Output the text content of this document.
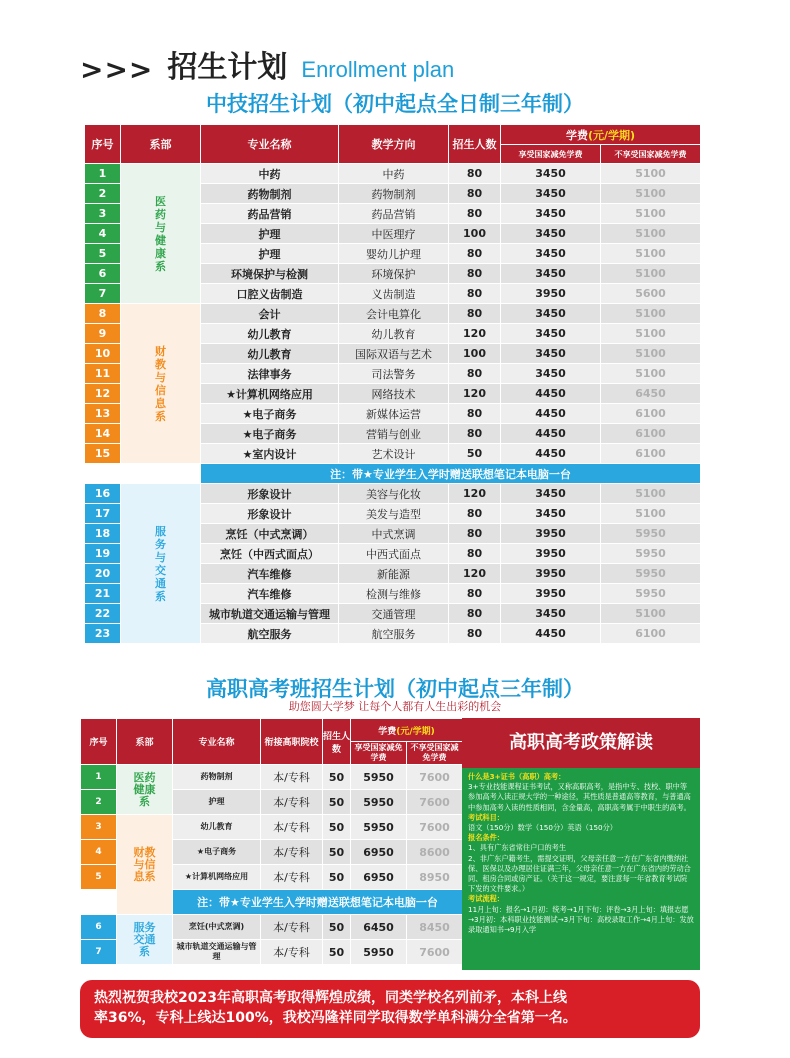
>>> 招生计划 Enrollment plan
中技招生计划（初中起点全日制三年制）
序号	系部	专业名称	教学方向	招生人数	学费(元/学期)	
					享受国家减免学费	不享受国家减免学费
1	医药与健康系	中药	中药	80	3450	5100
2		药物制剂	药物制剂	80	3450	5100
3		药品营销	药品营销	80	3450	5100
4		护理	中医理疗	100	3450	5100
5		护理	婴幼儿护理	80	3450	5100
6		环境保护与检测	环境保护	80	3450	5100
7		口腔义齿制造	义齿制造	80	3950	5600
8	财教与信息系	会计	会计电算化	80	3450	5100
9		幼儿教育	幼儿教育	120	3450	5100
10		幼儿教育	国际双语与艺术	100	3450	5100
11		法律事务	司法警务	80	3450	5100
12		★计算机网络应用	网络技术	120	4450	6450
13		★电子商务	新媒体运营	80	4450	6100
14		★电子商务	营销与创业	80	4450	6100
15		★室内设计	艺术设计	50	4450	6100
		注：带★专业学生入学时赠送联想笔记本电脑一台				
16	服务与交通系	形象设计	美容与化妆	120	3450	5100
17		形象设计	美发与造型	80	3450	5100
18		烹饪（中式烹调）	中式烹调	80	3950	5950
19		烹饪（中西式面点）	中西式面点	80	3950	5950
20		汽车维修	新能源	120	3950	5950
21		汽车维修	检测与维修	80	3950	5950
22		城市轨道交通运输与管理	交通管理	80	3450	5100
23		航空服务	航空服务	80	4450	6100
高职高考班招生计划（初中起点三年制）
助您圆大学梦 让每个人都有人生出彩的机会
序号	系部	专业名称	衔接高职院校	招生人数	学费(元/学期)	
					享受国家减免学费	不享受国家减免学费
1	医药健康系	药物制剂	本/专科	50	5950	7600
2		护理	本/专科	50	5950	7600
3	财教与信息系	幼儿教育	本/专科	50	5950	7600
4		★电子商务	本/专科	50	6950	8600
5		★计算机网络应用	本/专科	50	6950	8950
		注：带★专业学生入学时赠送联想笔记本电脑一台				
6	服务交通系	烹饪(中式烹调)	本/专科	50	6450	8450
7		城市轨道交通运输与管理	本/专科	50	5950	7600
高职高考政策解读

什么是3+证书（高职）高考：

3+专业技能课程证书考试，又称高职高考，是指中专、技校、职中等参加高考入读正规大学的一种途径，其性质是普通高等教育，与普通高中参加高考入读的性质相同，含金量高，高职高考属于中职生的高考。

考试科目：

语文（150分）数学（150分）英语（150分）

报名条件：

1、具有广东省常住户口的考生

2、非广东户籍考生，需提交证明，父母亲任意一方在广东省内缴纳社保、医保以及办理居住证满三年，父母亲任意一方在广东省内的劳动合同、租房合同或房产证。（关于这一规定，要注意每一年省教育考试院下发的文件要求。）

考试流程：

11月上旬：报名→1月初：统考→1月下旬：评卷→3月上旬：填报志愿→3月初：本科职业技能测试→3月下旬：高校录取工作→4月上旬：发放录取通知书→9月入学

热烈祝贺我校2023年高职高考取得辉煌成绩，同类学校名列前矛，本科上线
率36%，专科上线达100%，我校冯隆祥同学取得数学单科满分全省第一名。
